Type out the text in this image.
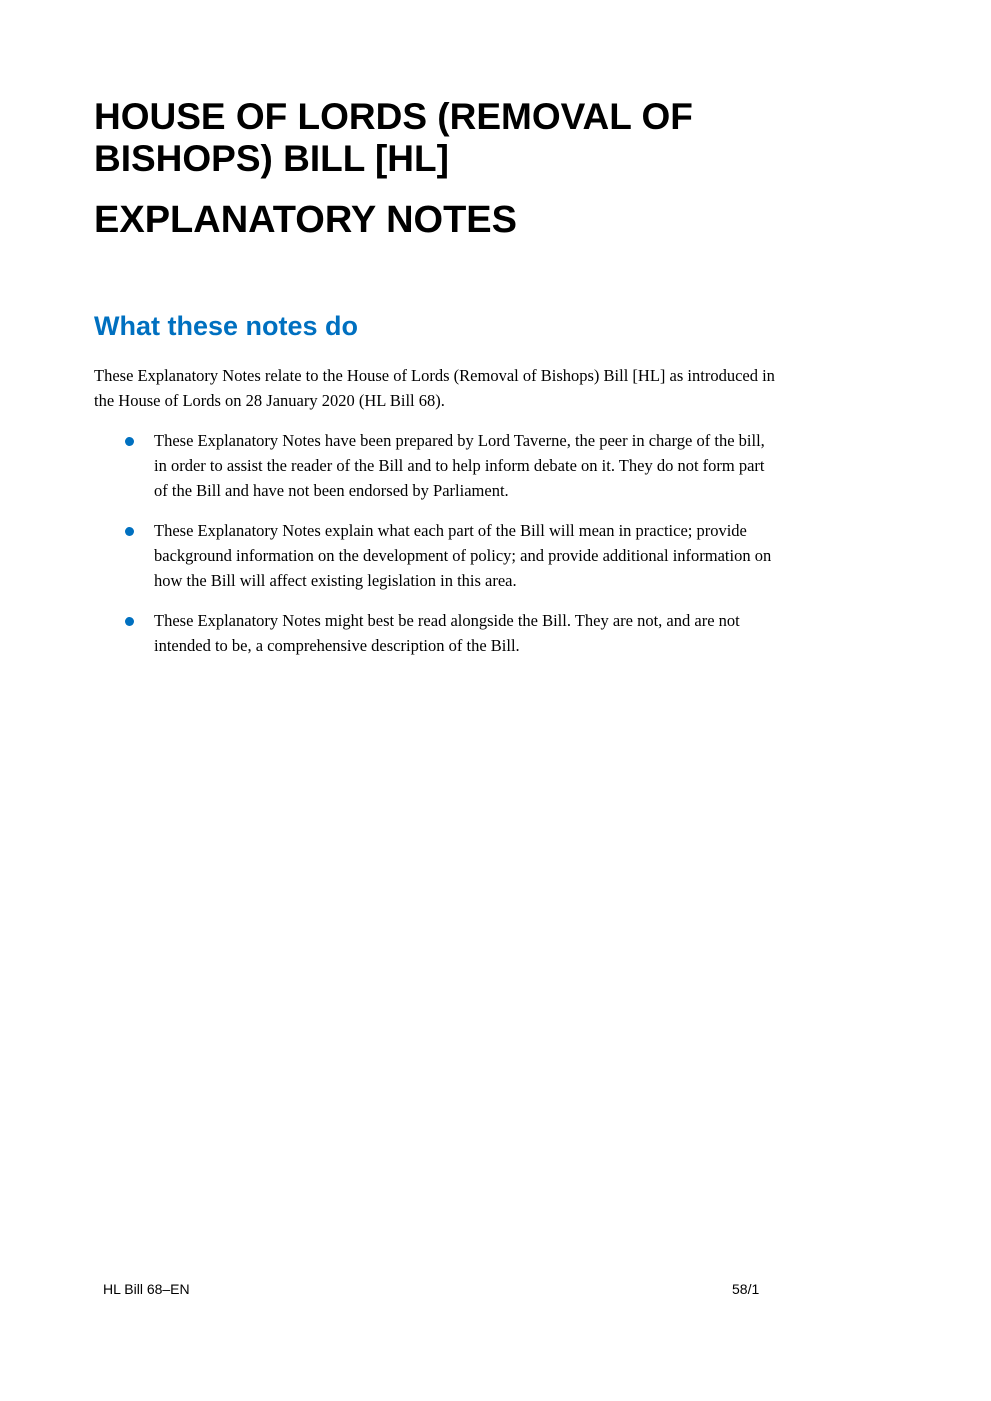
HOUSE OF LORDS (REMOVAL OF
BISHOPS) BILL [HL]
EXPLANATORY NOTES
What these notes do

These Explanatory Notes relate to the House of Lords (Removal of Bishops) Bill [HL] as introduced in
the House of Lords on 28 January 2020 (HL Bill 68).

These Explanatory Notes have been prepared by Lord Taverne, the peer in charge of the bill,
in order to assist the reader of the Bill and to help inform debate on it. They do not form part
of the Bill and have not been endorsed by Parliament.
These Explanatory Notes explain what each part of the Bill will mean in practice; provide
background information on the development of policy; and provide additional information on
how the Bill will affect existing legislation in this area.
These Explanatory Notes might best be read alongside the Bill. They are not, and are not
intended to be, a comprehensive description of the Bill.
HL Bill 68–EN	58/1
